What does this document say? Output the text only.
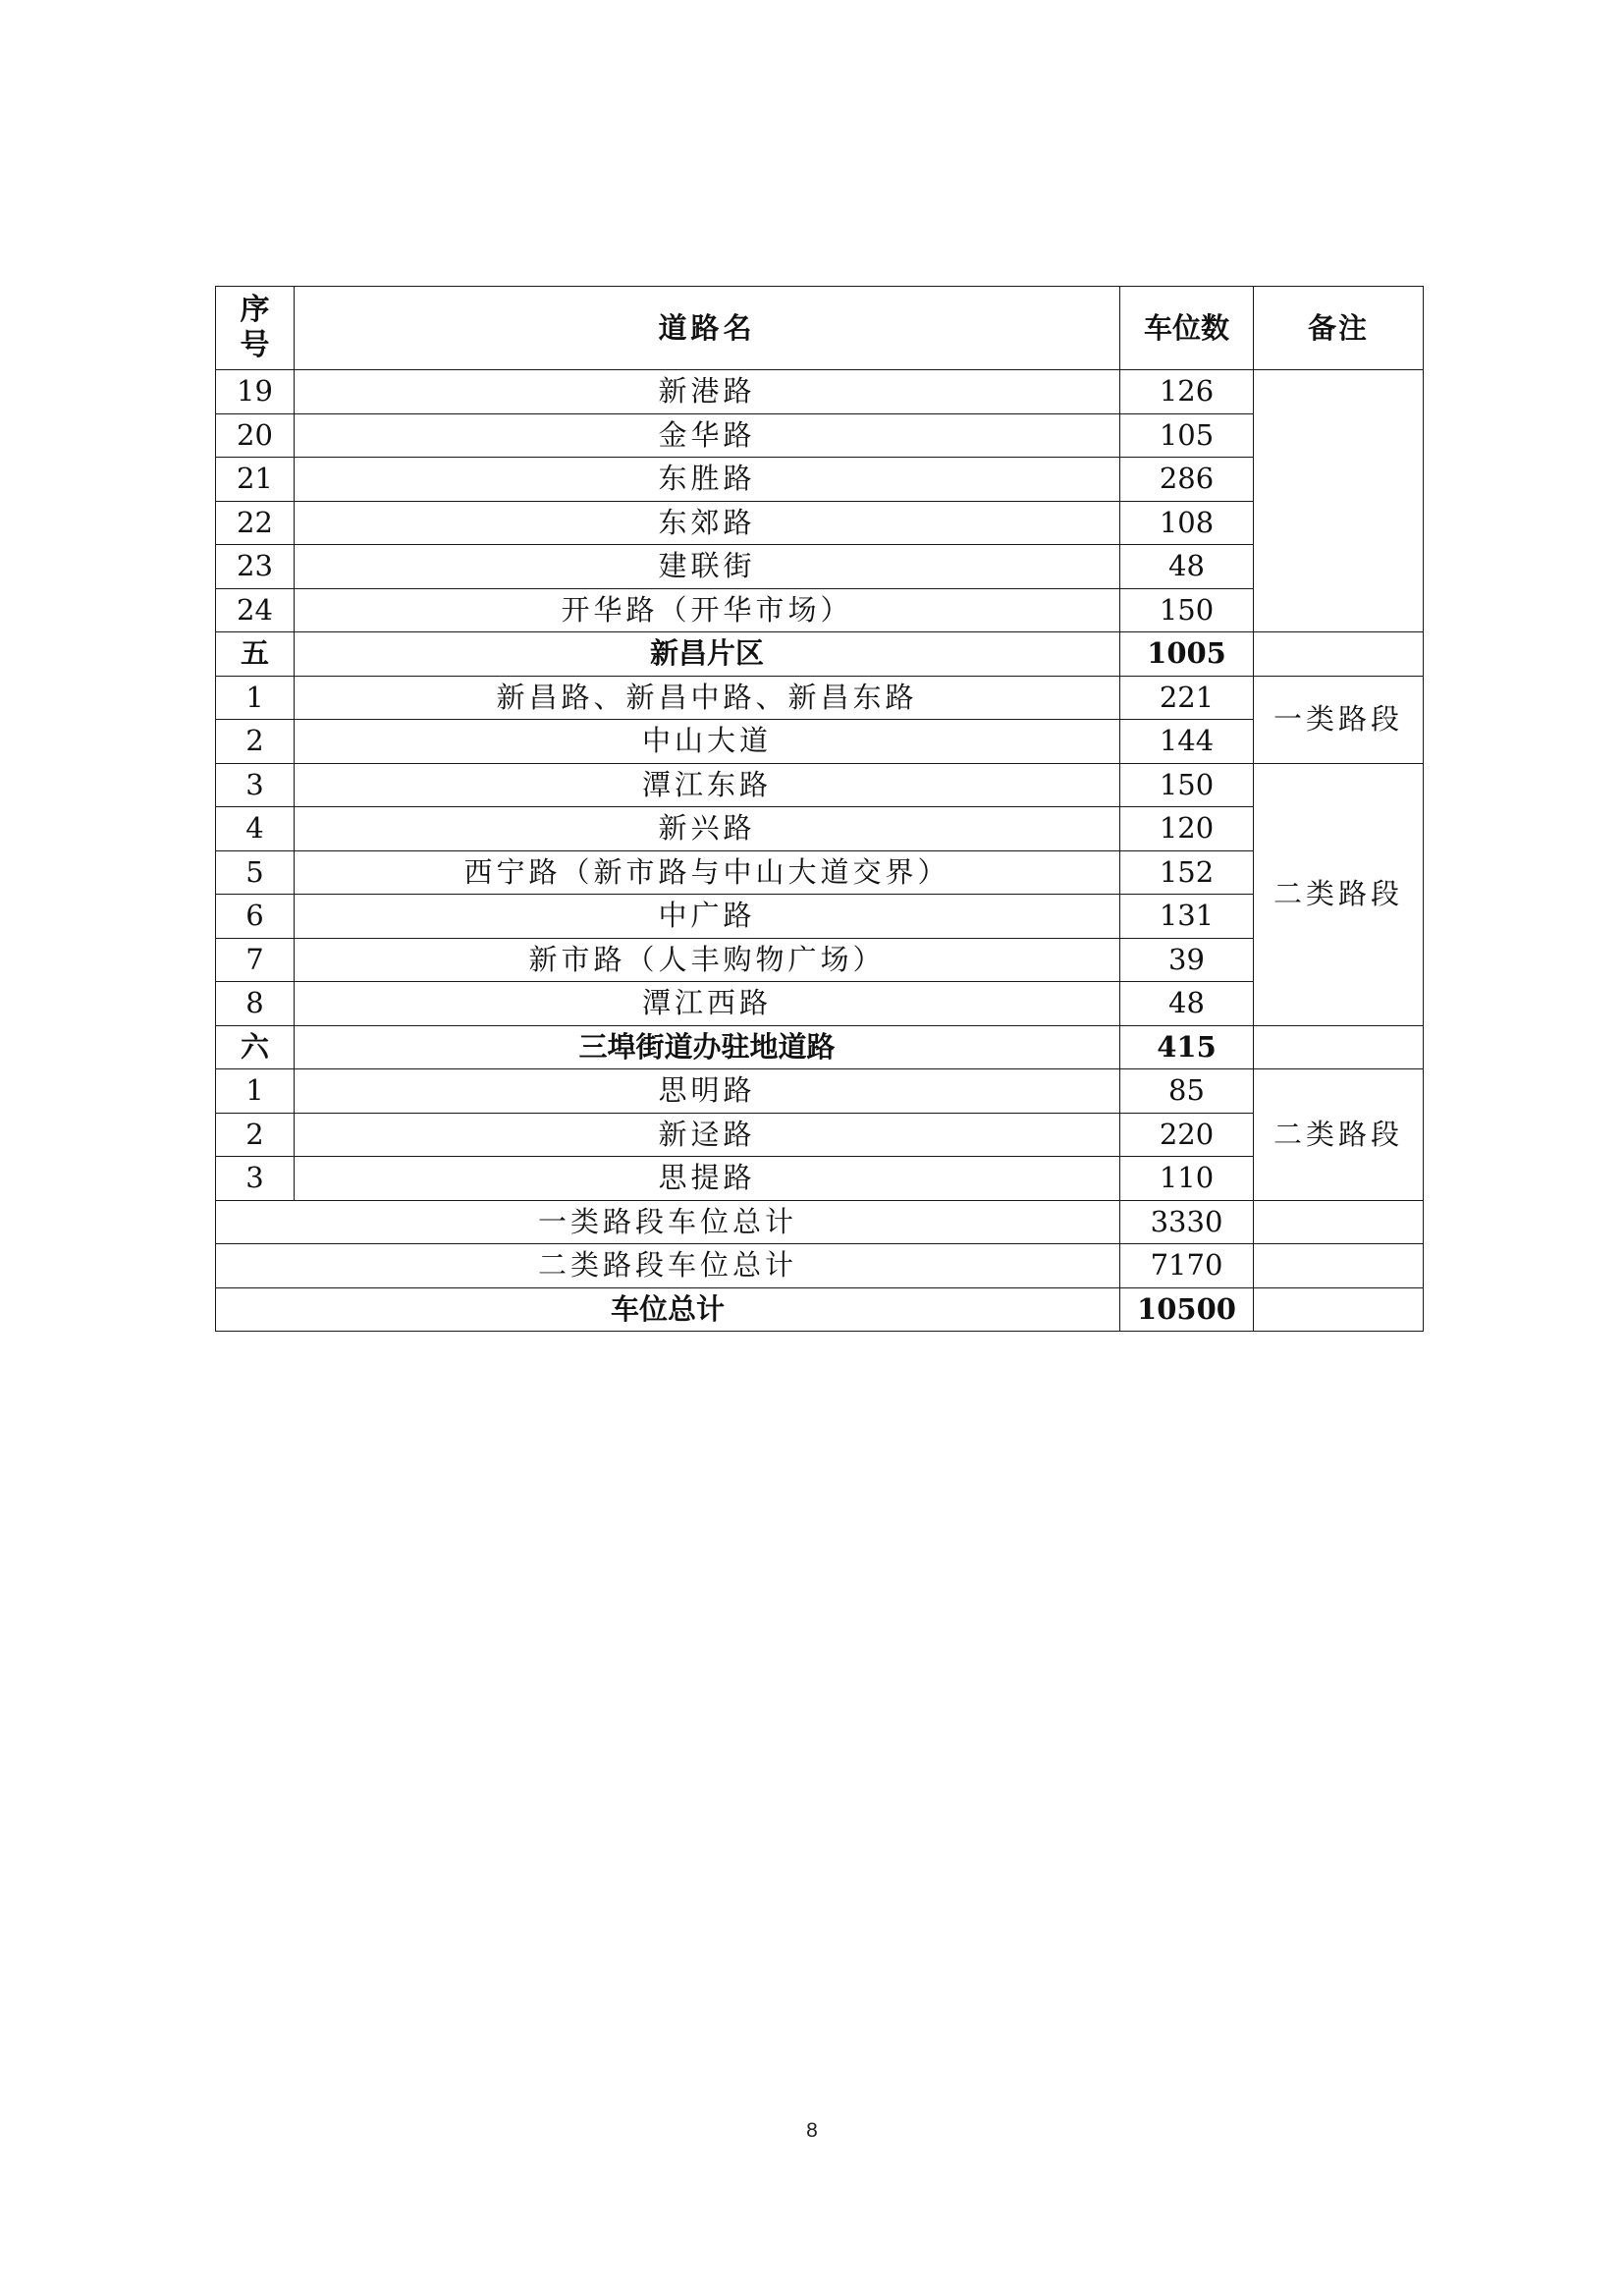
序
号	道路名	车位数	备注
19	新港路	126	
20	金华路	105	
21	东胜路	286	
22	东郊路	108	
23	建联街	48	
24	开华路（开华市场）	150	
五	新昌片区	1005	
1	新昌路、新昌中路、新昌东路	221	一类路段
2	中山大道	144	
3	潭江东路	150	二类路段
4	新兴路	120	
5	西宁路（新市路与中山大道交界）	152	
6	中广路	131	
7	新市路（人丰购物广场）	39	
8	潭江西路	48	
六	三埠街道办驻地道路	415	
1	思明路	85	二类路段
2	新迳路	220	
3	思提路	110	
一类路段车位总计		3330	
二类路段车位总计		7170	
车位总计		10500	
8
